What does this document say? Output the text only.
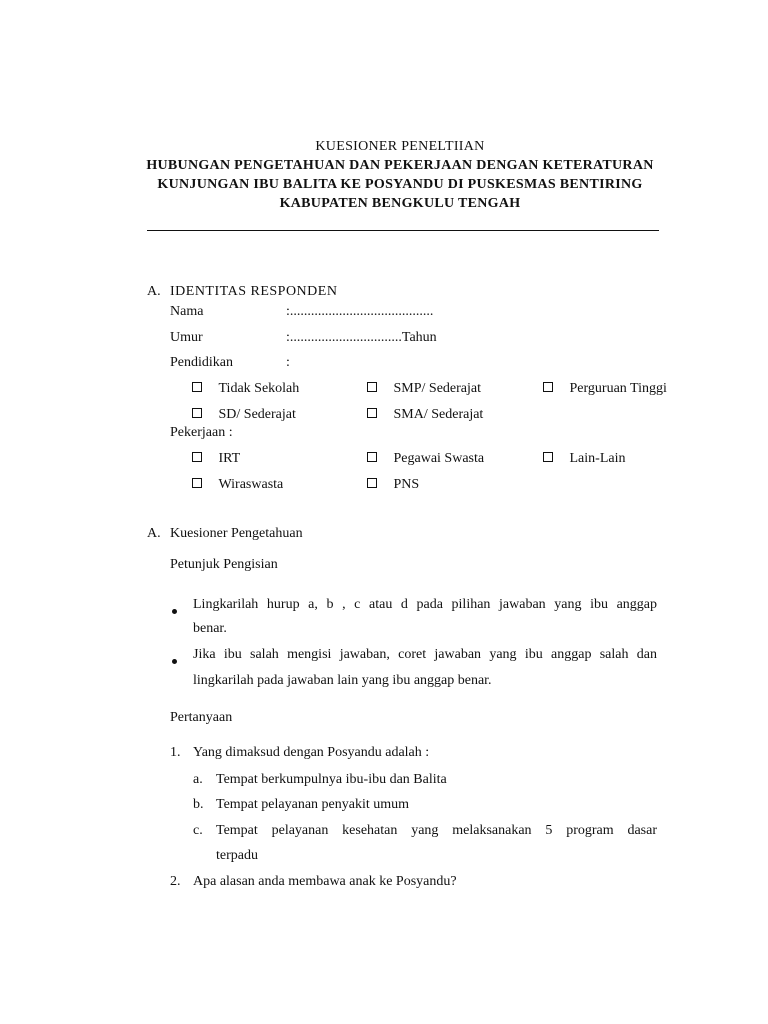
KUESIONER PENELTIIAN
HUBUNGAN PENGETAHUAN DAN PEKERJAAN DENGAN KETERATURAN
KUNJUNGAN IBU BALITA KE POSYANDU DI PUSKESMAS BENTIRING
KABUPATEN BENGKULU TENGAH
A. IDENTITAS RESPONDEN
Nama	:.........................................
Umur	:................................Tahun
Pendidikan	:
Tidak Sekolah	SMP/ Sederajat	Perguruan Tinggi
SD/ Sederajat	SMA/ Sederajat
Pekerjaan :
IRT	Pegawai Swasta	Lain-Lain
Wiraswasta	PNS
A. Kuesioner Pengetahuan
Petunjuk Pengisian
Lingkarilah hurup a, b , c atau d pada pilihan jawaban yang ibu anggap
benar.
Jika ibu salah mengisi jawaban, coret jawaban yang ibu anggap salah dan
lingkarilah pada jawaban lain yang ibu anggap benar.
Pertanyaan
1. Yang dimaksud dengan Posyandu adalah :
a. Tempat berkumpulnya ibu-ibu dan Balita
b. Tempat pelayanan penyakit umum
c. Tempat pelayanan kesehatan yang melaksanakan 5 program dasar
terpadu
2. Apa alasan anda membawa anak ke Posyandu?
